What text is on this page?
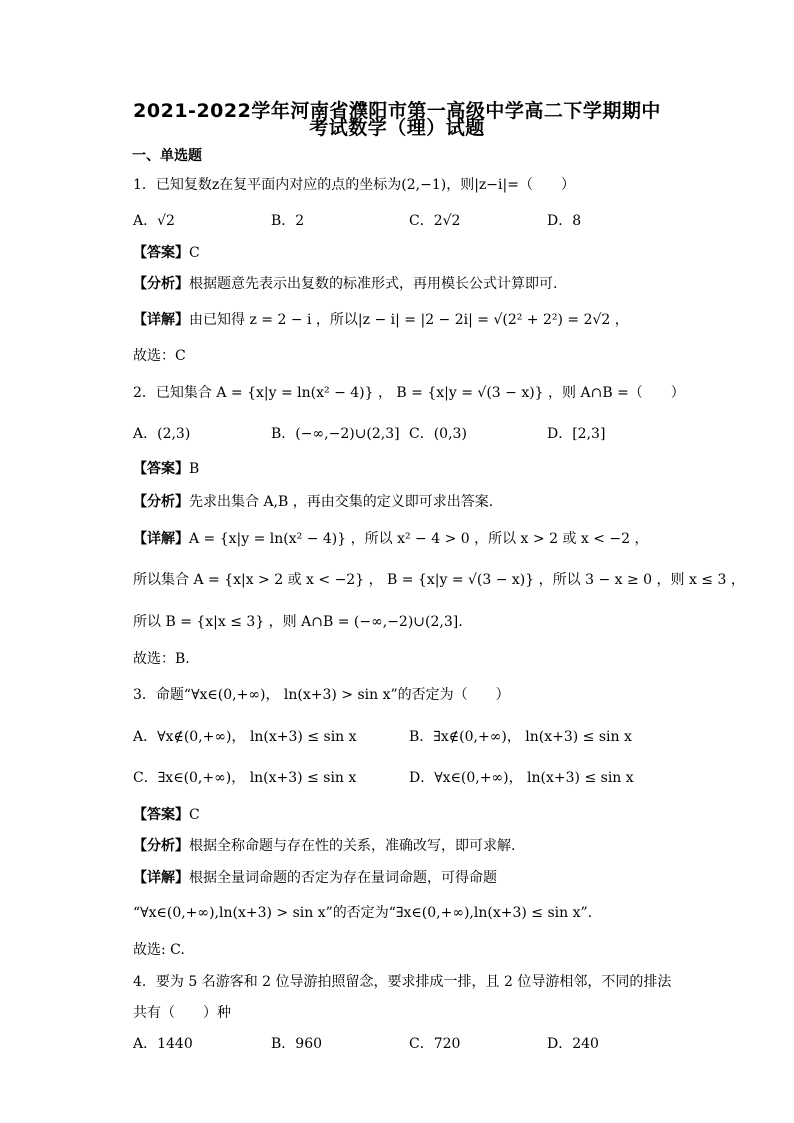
2021-2022学年河南省濮阳市第一高级中学高二下学期期中
考试数学（理）试题
一、单选题
1．已知复数z在复平面内对应的点的坐标为(2,−1)，则|z−i|=（　　）
A．√2	B．2	C．2√2	D．8
【答案】C
【分析】根据题意先表示出复数的标准形式，再用模长公式计算即可.
【详解】由已知得 z = 2 − i ，所以|z − i| = |2 − 2i| = √(2² + 2²) = 2√2 ，
故选：C
2．已知集合 A = {x|y = ln(x² − 4)} ， B = {x|y = √(3 − x)} ，则 A∩B =（　　）
A．(2,3)	B．(−∞,−2)∪(2,3] C．(0,3)	D．[2,3]
【答案】B
【分析】先求出集合 A,B ，再由交集的定义即可求出答案.
【详解】A = {x|y = ln(x² − 4)} ，所以 x² − 4 > 0 ，所以 x > 2 或 x < −2 ，
所以集合 A = {x|x > 2 或 x < −2} ， B = {x|y = √(3 − x)} ，所以 3 − x ≥ 0 ，则 x ≤ 3 ，
所以 B = {x|x ≤ 3} ，则 A∩B = (−∞,−2)∪(2,3].
故选：B.
3．命题“∀x∈(0,+∞)， ln(x+3) > sin x”的否定为（　　）
A．∀x∉(0,+∞)， ln(x+3) ≤ sin x	B．∃x∉(0,+∞)， ln(x+3) ≤ sin x
C．∃x∈(0,+∞)， ln(x+3) ≤ sin x	D．∀x∈(0,+∞)， ln(x+3) ≤ sin x
【答案】C
【分析】根据全称命题与存在性的关系，准确改写，即可求解.
【详解】根据全量词命题的否定为存在量词命题，可得命题
“∀x∈(0,+∞),ln(x+3) > sin x”的否定为“∃x∈(0,+∞),ln(x+3) ≤ sin x”.
故选: C.
4．要为 5 名游客和 2 位导游拍照留念，要求排成一排，且 2 位导游相邻，不同的排法
共有（　　）种
A．1440	B．960	C．720	D．240
